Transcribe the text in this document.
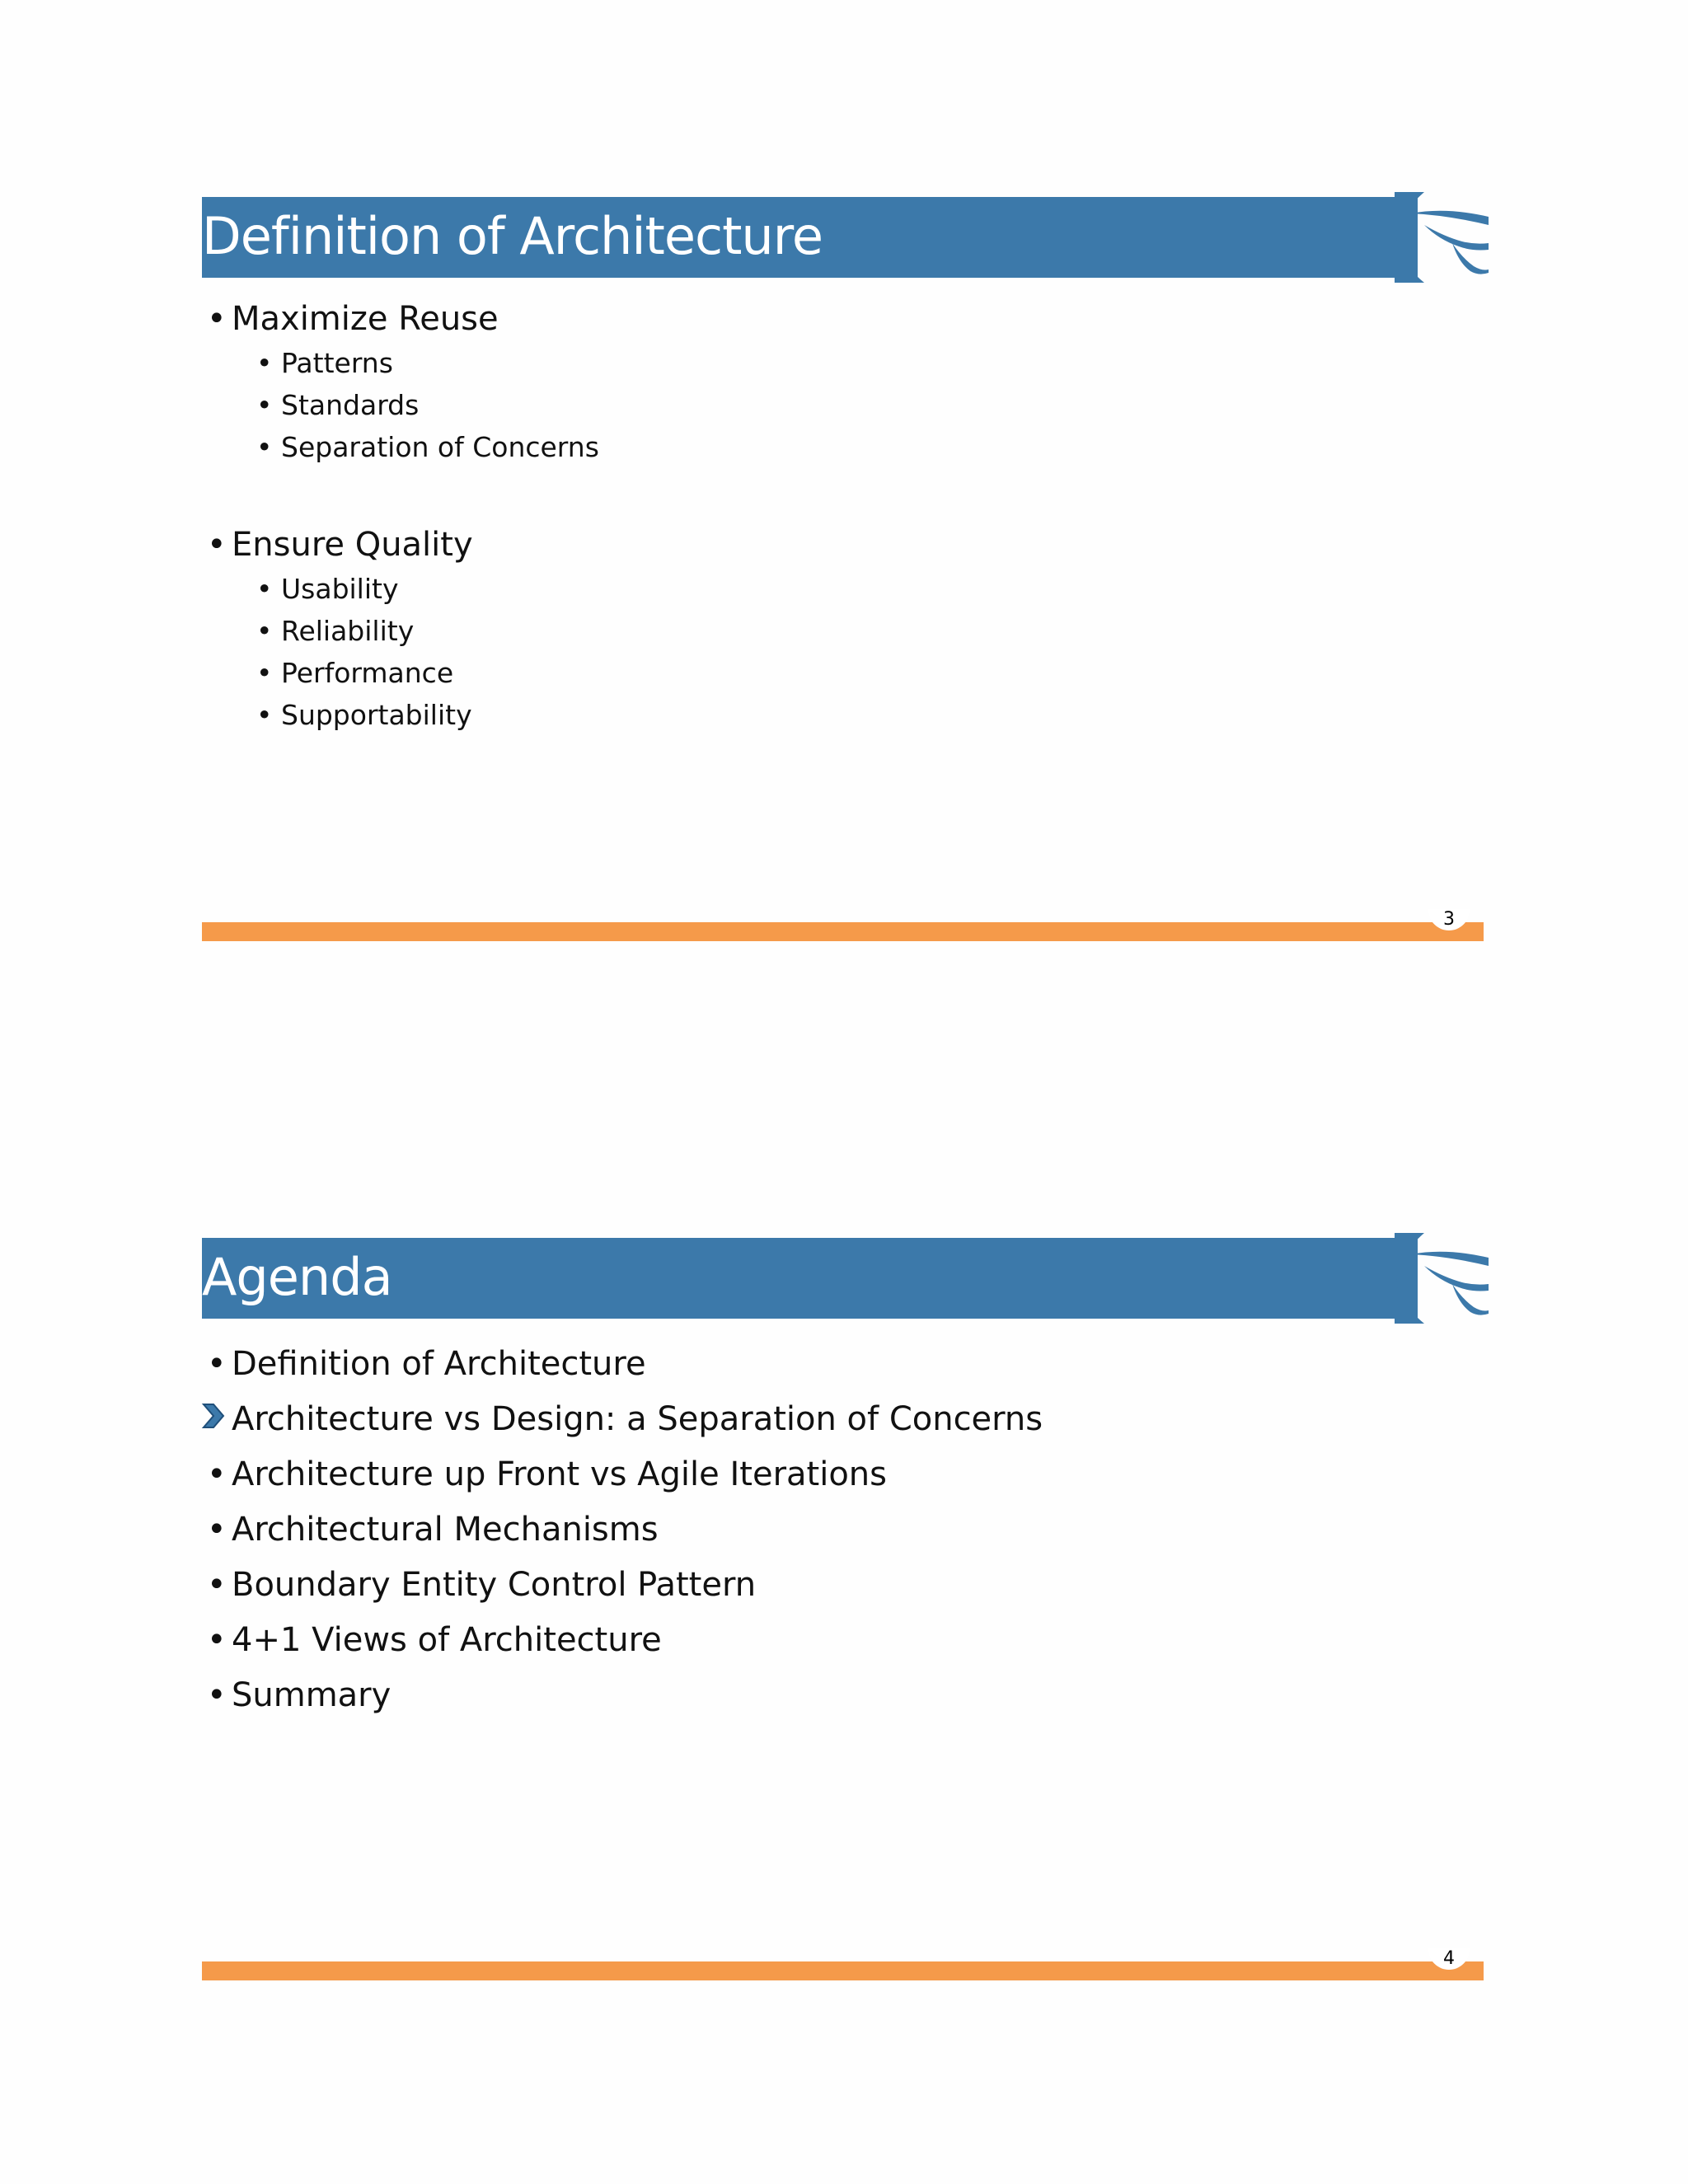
Definition of Architecture
• Maximize Reuse
• Patterns
• Standards
• Separation of Concerns
• Ensure Quality
• Usability
• Reliability
• Performance
• Supportability
3
Agenda
• Definition of Architecture
Architecture vs Design: a Separation of Concerns
• Architecture up Front vs Agile Iterations
• Architectural Mechanisms
• Boundary Entity Control Pattern
• 4+1 Views of Architecture
• Summary
4
